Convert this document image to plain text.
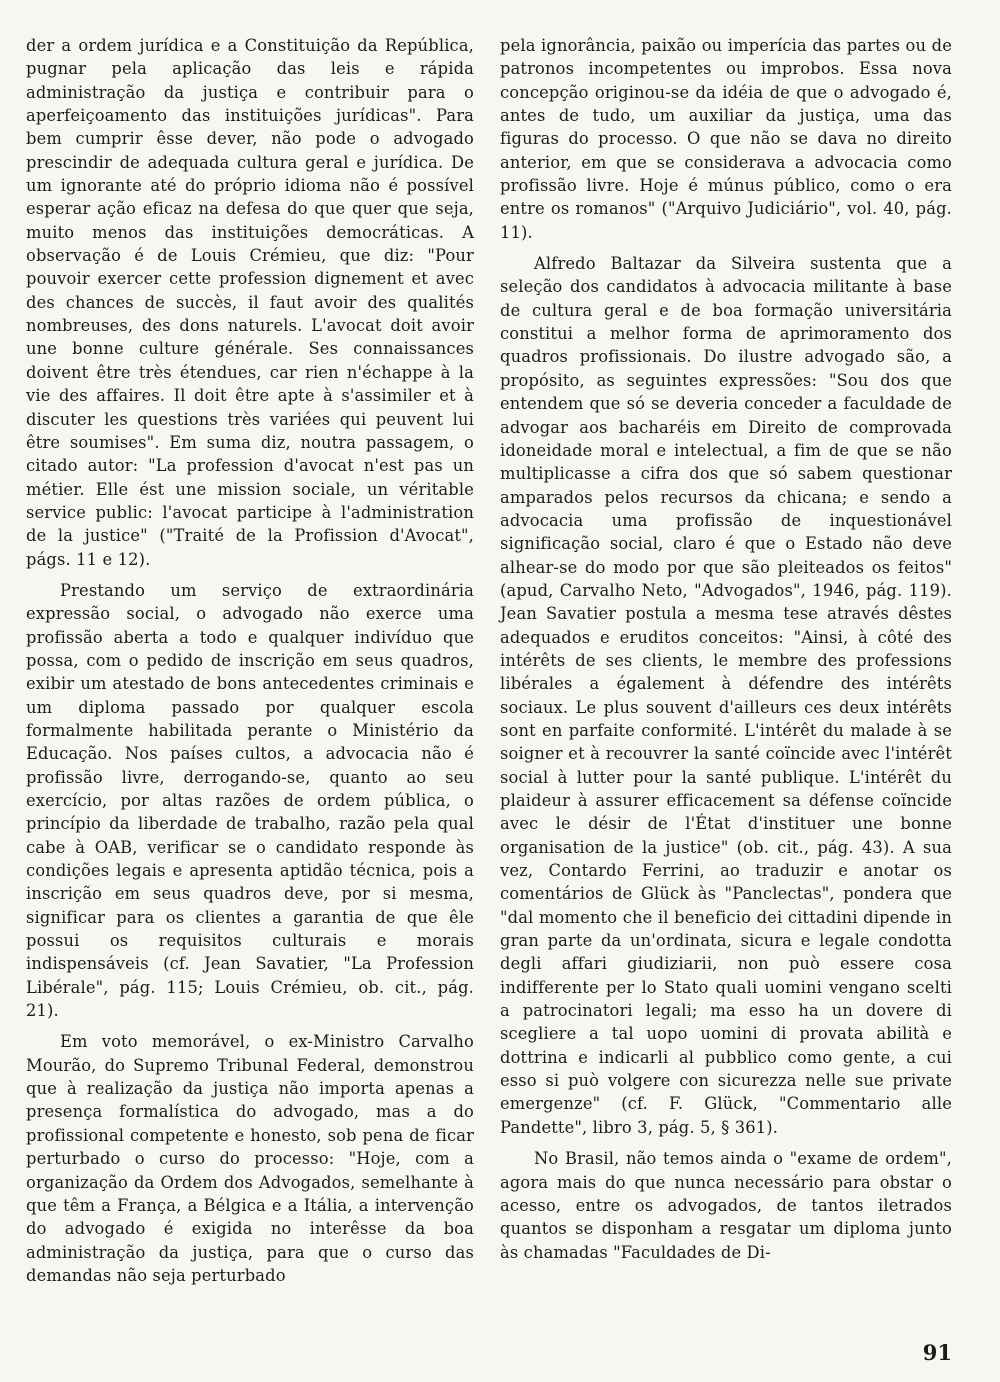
der a ordem jurídica e a Constituição da República, pugnar pela aplicação das leis e rápida administração da justiça e contribuir para o aperfeiçoamento das instituições jurídicas". Para bem cumprir êsse dever, não pode o advogado prescindir de adequada cultura geral e jurídica. De um ignorante até do próprio idioma não é possível esperar ação eficaz na defesa do que quer que seja, muito menos das instituições democráticas. A observação é de Louis Crémieu, que diz: "Pour pouvoir exercer cette profession dignement et avec des chances de succès, il faut avoir des qualités nombreuses, des dons naturels. L'avocat doit avoir une bonne culture générale. Ses connaissances doivent être très étendues, car rien n'échappe à la vie des affaires. Il doit être apte à s'assimiler et à discuter les questions très variées qui peuvent lui être soumises". Em suma diz, noutra passagem, o citado autor: "La profession d'avocat n'est pas un métier. Elle ést une mission sociale, un véritable service public: l'avocat participe à l'administration de la justice" ("Traité de la Profission d'Avocat", págs. 11 e 12).

Prestando um serviço de extraordinária expressão social, o advogado não exerce uma profissão aberta a todo e qualquer indivíduo que possa, com o pedido de inscrição em seus quadros, exibir um atestado de bons antecedentes criminais e um diploma passado por qualquer escola formalmente habilitada perante o Ministério da Educação. Nos países cultos, a advocacia não é profissão livre, derrogando-se, quanto ao seu exercício, por altas razões de ordem pública, o princípio da liberdade de trabalho, razão pela qual cabe à OAB, verificar se o candidato responde às condições legais e apresenta aptidão técnica, pois a inscrição em seus quadros deve, por si mesma, significar para os clientes a garantia de que êle possui os requisitos culturais e morais indispensáveis (cf. Jean Savatier, "La Profession Libérale", pág. 115; Louis Crémieu, ob. cit., pág. 21).

Em voto memorável, o ex-Ministro Carvalho Mourão, do Supremo Tribunal Federal, demonstrou que à realização da justiça não importa apenas a presença formalística do advogado, mas a do profissional competente e honesto, sob pena de ficar perturbado o curso do processo: "Hoje, com a organização da Ordem dos Advogados, semelhante à que têm a França, a Bélgica e a Itália, a intervenção do advogado é exigida no interêsse da boa administração da justiça, para que o curso das demandas não seja perturbado

pela ignorância, paixão ou imperícia das partes ou de patronos incompetentes ou improbos. Essa nova concepção originou-se da idéia de que o advogado é, antes de tudo, um auxiliar da justiça, uma das figuras do processo. O que não se dava no direito anterior, em que se considerava a advocacia como profissão livre. Hoje é múnus público, como o era entre os romanos" ("Arquivo Judiciário", vol. 40, pág. 11).

Alfredo Baltazar da Silveira sustenta que a seleção dos candidatos à advocacia militante à base de cultura geral e de boa formação universitária constitui a melhor forma de aprimoramento dos quadros profissionais. Do ilustre advogado são, a propósito, as seguintes expressões: "Sou dos que entendem que só se deveria conceder a faculdade de advogar aos bacharéis em Direito de comprovada idoneidade moral e intelectual, a fim de que se não multiplicasse a cifra dos que só sabem questionar amparados pelos recursos da chicana; e sendo a advocacia uma profissão de inquestionável significação social, claro é que o Estado não deve alhear-se do modo por que são pleiteados os feitos" (apud, Carvalho Neto, "Advogados", 1946, pág. 119). Jean Savatier postula a mesma tese através dêstes adequados e eruditos conceitos: "Ainsi, à côté des intérêts de ses clients, le membre des professions libérales a également à défendre des intérêts sociaux. Le plus souvent d'ailleurs ces deux intérêts sont en parfaite conformité. L'intérêt du malade à se soigner et à recouvrer la santé coïncide avec l'intérêt social à lutter pour la santé publique. L'intérêt du plaideur à assurer efficacement sa défense coïncide avec le désir de l'État d'instituer une bonne organisation de la justice" (ob. cit., pág. 43). A sua vez, Contardo Ferrini, ao traduzir e anotar os comentários de Glück às "Panclectas", pondera que "dal momento che il beneficio dei cittadini dipende in gran parte da un'ordinata, sicura e legale condotta degli affari giudiziarii, non può essere cosa indifferente per lo Stato quali uomini vengano scelti a patrocinatori legali; ma esso ha un dovere di scegliere a tal uopo uomini di provata abilità e dottrina e indicarli al pubblico como gente, a cui esso si può volgere con sicurezza nelle sue private emergenze" (cf. F. Glück, "Commentario alle Pandette", libro 3, pág. 5, § 361).

No Brasil, não temos ainda o "exame de ordem", agora mais do que nunca necessário para obstar o acesso, entre os advogados, de tantos iletrados quantos se disponham a resgatar um diploma junto às chamadas "Faculdades de Di-

91
